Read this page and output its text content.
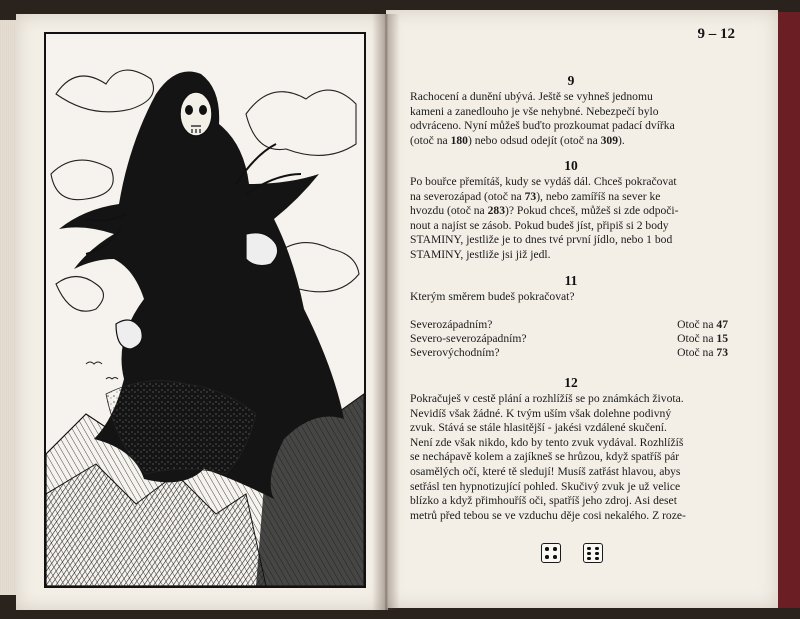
9 – 12
9
Rachocení a dunění ubývá. Ještě se vyhneš jednomu
kameni a zanedlouho je vše nehybné. Nebezpečí bylo
odvráceno. Nyní můžeš buďto prozkoumat padací dvířka
(otoč na 180) nebo odsud odejít (otoč na 309).
10
Po bouřce přemítáš, kudy se vydáš dál. Chceš pokračovat
na severozápad (otoč na 73), nebo zamíříš na sever ke
hvozdu (otoč na 283)? Pokud chceš, můžeš si zde odpoči-
nout a najíst se zásob. Pokud budeš jíst, připiš si 2 body
STAMINY, jestliže je to dnes tvé první jídlo, nebo 1 bod
STAMINY, jestliže jsi již jedl.
11
Kterým směrem budeš pokračovat?
Severozápadním?	Otoč na 47
Severo-severozápadním?	Otoč na 15
Severovýchodním?	Otoč na 73
12
Pokračuješ v cestě plání a rozhlížíš se po známkách života.
Nevidíš však žádné. K tvým uším však dolehne podivný
zvuk. Stává se stále hlasitější - jakési vzdálené skučení.
Není zde však nikdo, kdo by tento zvuk vydával. Rozhlížíš
se nechápavě kolem a zajíkneš se hrůzou, když spatříš pár
osamělých očí, které tě sledují! Musíš zatřást hlavou, abys
setřásl ten hypnotizující pohled. Skučivý zvuk je už velice
blízko a když přimhouříš oči, spatříš jeho zdroj. Asi deset
metrů před tebou se ve vzduchu děje cosi nekalého. Z roze-
